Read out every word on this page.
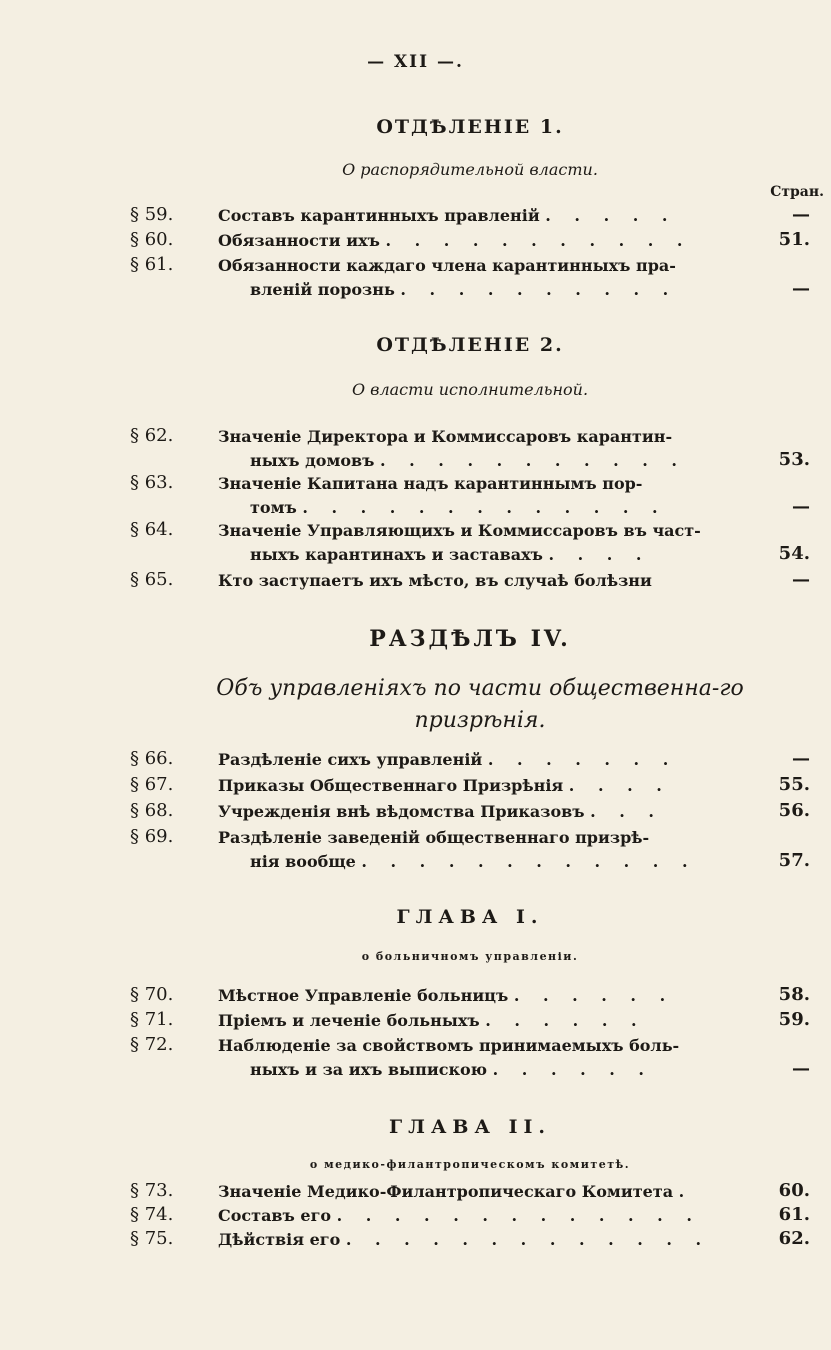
— XII —.
ОТДѢЛЕНІЕ 1.
О распорядительной власти.
Стран.
§ 59.	Составъ карантинныхъ правленій . . . . .	—
§ 60.	Обязанности ихъ . . . . . . . . . . .	51.
§ 61.	Обязанности каждаго члена карантинныхъ пра-
вленій порознь . . . . . . . . . .	—
ОТДѢЛЕНІЕ 2.
О власти исполнительной.
§ 62.	Значеніе Директора и Коммиссаровъ карантин-
ныхъ домовъ . . . . . . . . . . .	53.
§ 63.	Значеніе Капитана надъ карантиннымъ пор-
томъ . . . . . . . . . . . . .	—
§ 64.	Значеніе Управляющихъ и Коммиссаровъ въ част-
ныхъ карантинахъ и заставахъ . . . .	54.
§ 65.	Кто заступаетъ ихъ мѣсто, въ случаѣ болѣзни	—
РАЗДѢЛЪ IV.
Объ управленіяхъ по части общественна-го призрѣнія.
§ 66.	Раздѣленіе сихъ управленій . . . . . . .	—
§ 67.	Приказы Общественнаго Призрѣнія . . . .	55.
§ 68.	Учрежденія внѣ вѣдомства Приказовъ . . .	56.
§ 69.	Раздѣленіе заведеній общественнаго призрѣ-
нія вообще . . . . . . . . . . . .	57.
ГЛАВА I.
о больничномъ управленіи.
§ 70.	Мѣстное Управленіе больницъ . . . . . .	58.
§ 71.	Пріемъ и леченіе больныхъ . . . . . .	59.
§ 72.	Наблюденіе за свойствомъ принимаемыхъ боль-
ныхъ и за ихъ выпискою . . . . . .	—
ГЛАВА II.
о медико-филантропическомъ комитетѣ.
§ 73.	Значеніе Медико-Филантропическаго Комитета .	60.
§ 74.	Составъ его . . . . . . . . . . . . .	61.
§ 75.	Дѣйствія его . . . . . . . . . . . . .	62.
